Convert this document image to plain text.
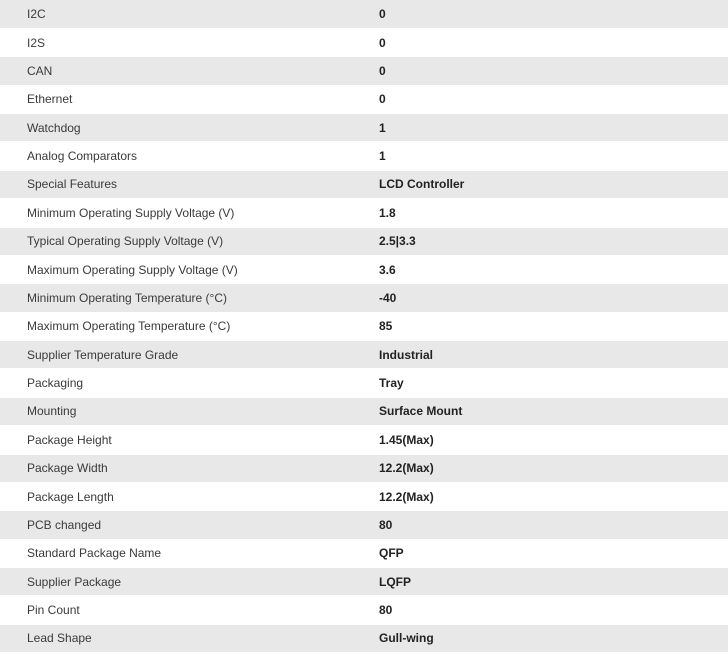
I2C	0
I2S	0
CAN	0
Ethernet	0
Watchdog	1
Analog Comparators	1
Special Features	LCD Controller
Minimum Operating Supply Voltage (V)	1.8
Typical Operating Supply Voltage (V)	2.5|3.3
Maximum Operating Supply Voltage (V)	3.6
Minimum Operating Temperature (°C)	-40
Maximum Operating Temperature (°C)	85
Supplier Temperature Grade	Industrial
Packaging	Tray
Mounting	Surface Mount
Package Height	1.45(Max)
Package Width	12.2(Max)
Package Length	12.2(Max)
PCB changed	80
Standard Package Name	QFP
Supplier Package	LQFP
Pin Count	80
Lead Shape	Gull-wing
